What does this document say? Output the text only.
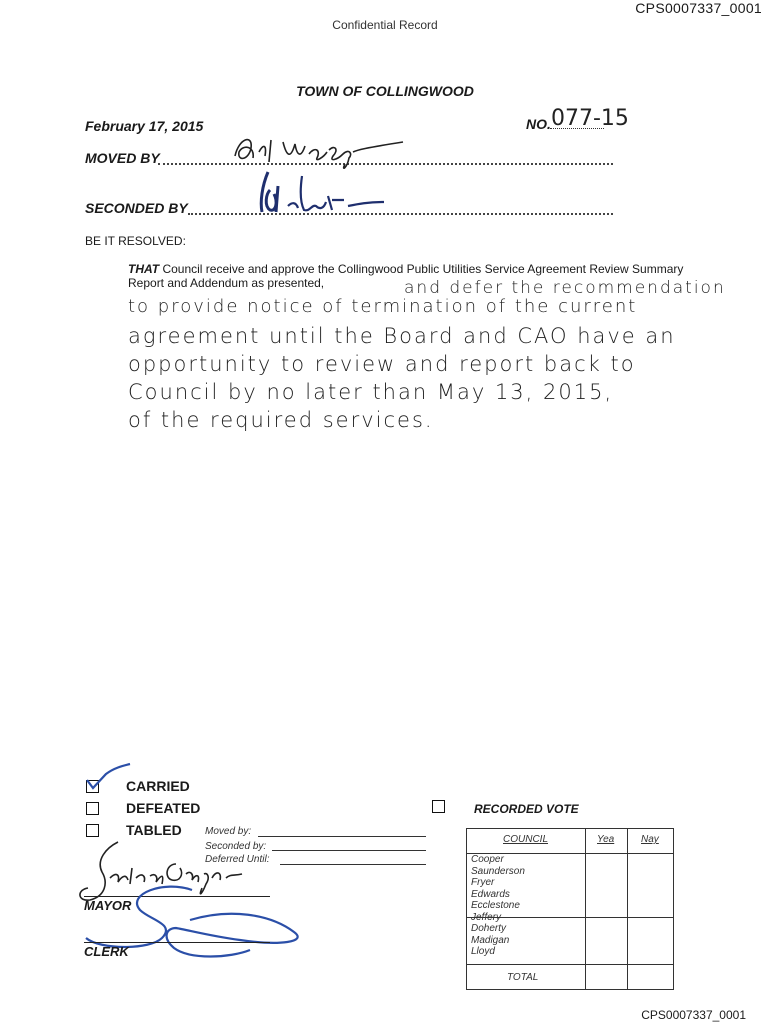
CPS0007337_0001
Confidential Record
TOWN OF COLLINGWOOD
February 17, 2015	NO. 077-15
MOVED BY
SECONDED BY
BE IT RESOLVED:
THAT Council receive and approve the Collingwood Public Utilities Service Agreement Review Summary Report and Addendum as presented,	and defer the recommendation
to provide notice of termination of the current
agreement until the Board and CAO have an
opportunity to review and report back to
Council by no later than May 13, 2015,
of the required services.
CARRIED
DEFEATED
TABLED Moved by:
Seconded by:
Deferred Until:
MAYOR
CLERK
RECORDED VOTE
COUNCIL	Yea	Nay
Cooper
Saunderson
Fryer
Edwards
Ecclestone
Jeffery
Doherty
Madigan
Lloyd
TOTAL
CPS0007337_0001
